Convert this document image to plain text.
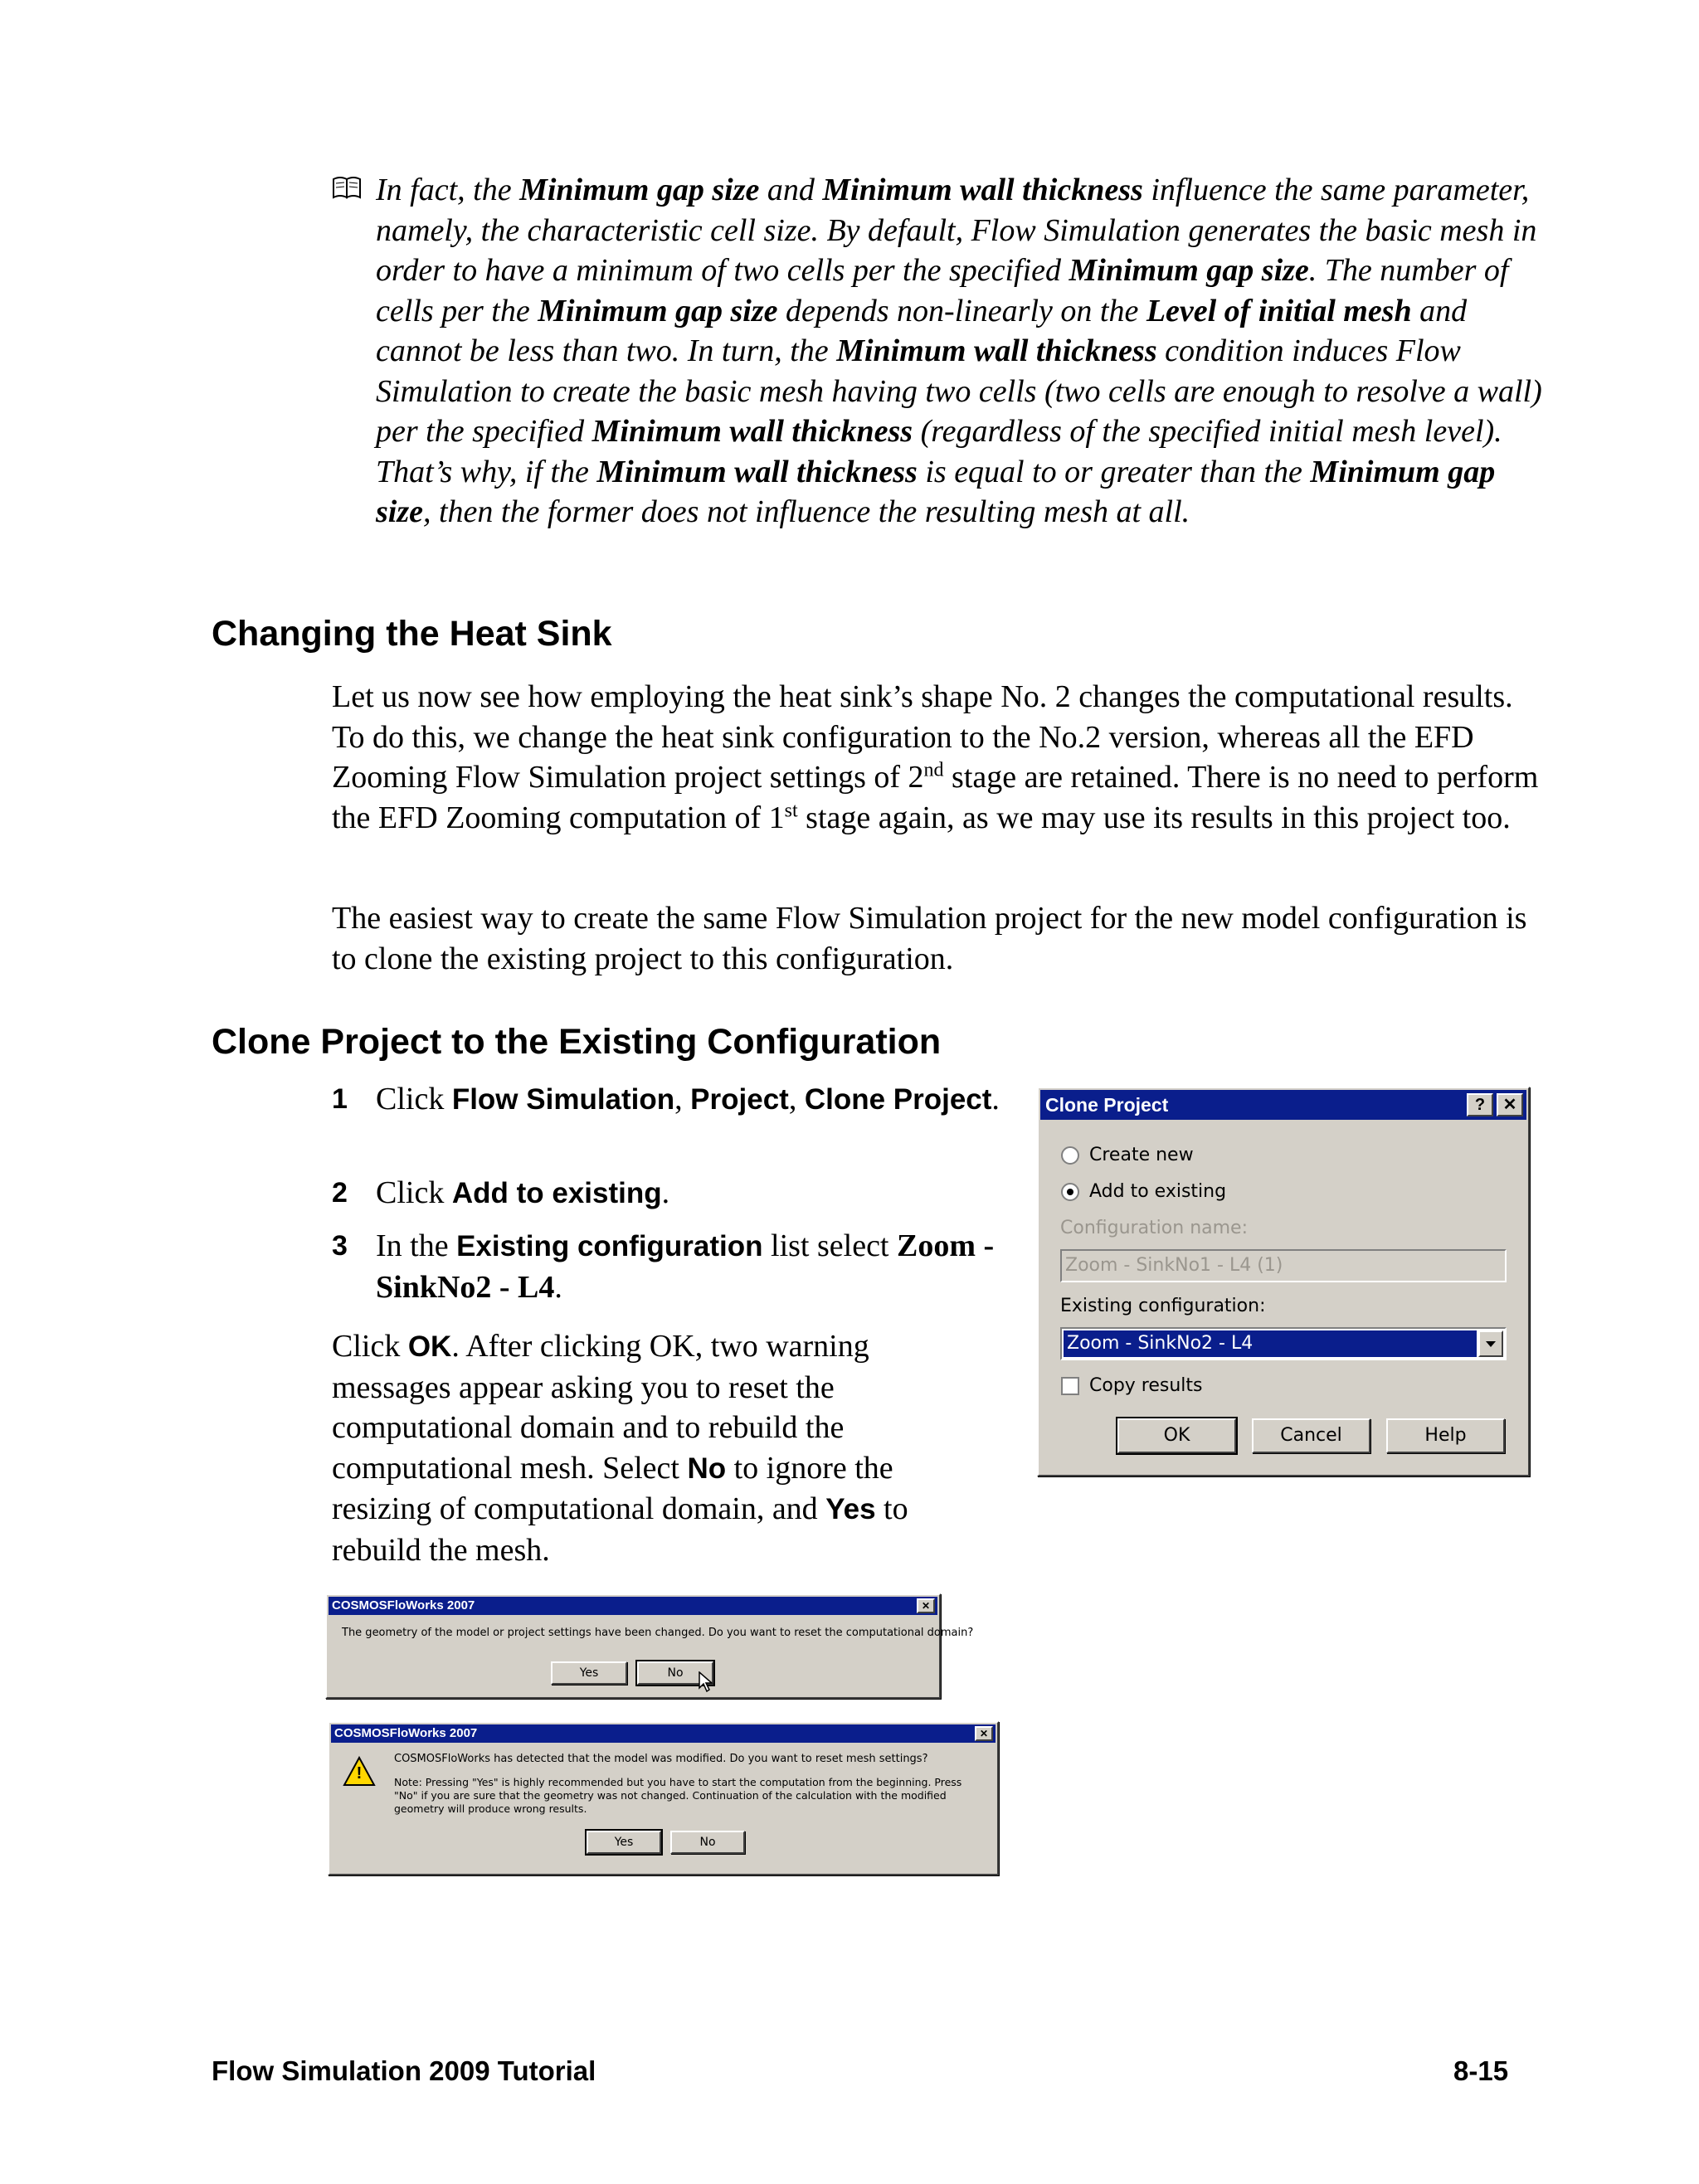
In fact, the Minimum gap size and Minimum wall thickness influence the same parameter, namely, the characteristic cell size. By default, Flow Simulation generates the basic mesh in order to have a minimum of two cells per the specified Minimum gap size. The number of cells per the Minimum gap size depends non-linearly on the Level of initial mesh and cannot be less than two. In turn, the Minimum wall thickness condition induces Flow Simulation to create the basic mesh having two cells (two cells are enough to resolve a wall) per the specified Minimum wall thickness (regardless of the specified initial mesh level). That’s why, if the Minimum wall thickness is equal to or greater than the Minimum gap size, then the former does not influence the resulting mesh at all.
Changing the Heat Sink

Let us now see how employing the heat sink’s shape No. 2 changes the computational results. To do this, we change the heat sink configuration to the No.2 version, whereas all the EFD Zooming Flow Simulation project settings of 2nd stage are retained. There is no need to perform the EFD Zooming computation of 1st stage again, as we may use its results in this project too.

The easiest way to create the same Flow Simulation project for the new model configuration is to clone the existing project to this configuration.

Clone Project to the Existing Configuration
1 Click Flow Simulation, Project, Clone Project.
2 Click Add to existing.
3 In the Existing configuration list select Zoom - SinkNo2 - L4.

Click OK. After clicking OK, two warning messages appear asking you to reset the computational domain and to rebuild the computational mesh. Select No to ignore the resizing of computational domain, and Yes to rebuild the mesh.

Clone Project	?	✕
Create new
Add to existing
Configuration name:
Zoom - SinkNo1 - L4 (1)
Existing configuration:
Zoom - SinkNo2 - L4
Copy results
OK	Cancel	Help
COSMOSFloWorks 2007	✕
The geometry of the model or project settings have been changed. Do you want to reset the computational domain?
Yes	No
COSMOSFloWorks 2007	✕
!
COSMOSFloWorks has detected that the model was modified. Do you want to reset mesh settings?
Note: Pressing "Yes" is highly recommended but you have to start the computation from the beginning. Press "No" if you are sure that the geometry was not changed. Continuation of the calculation with the modified geometry will produce wrong results.
Yes	No
Flow Simulation 2009 Tutorial	8-15
